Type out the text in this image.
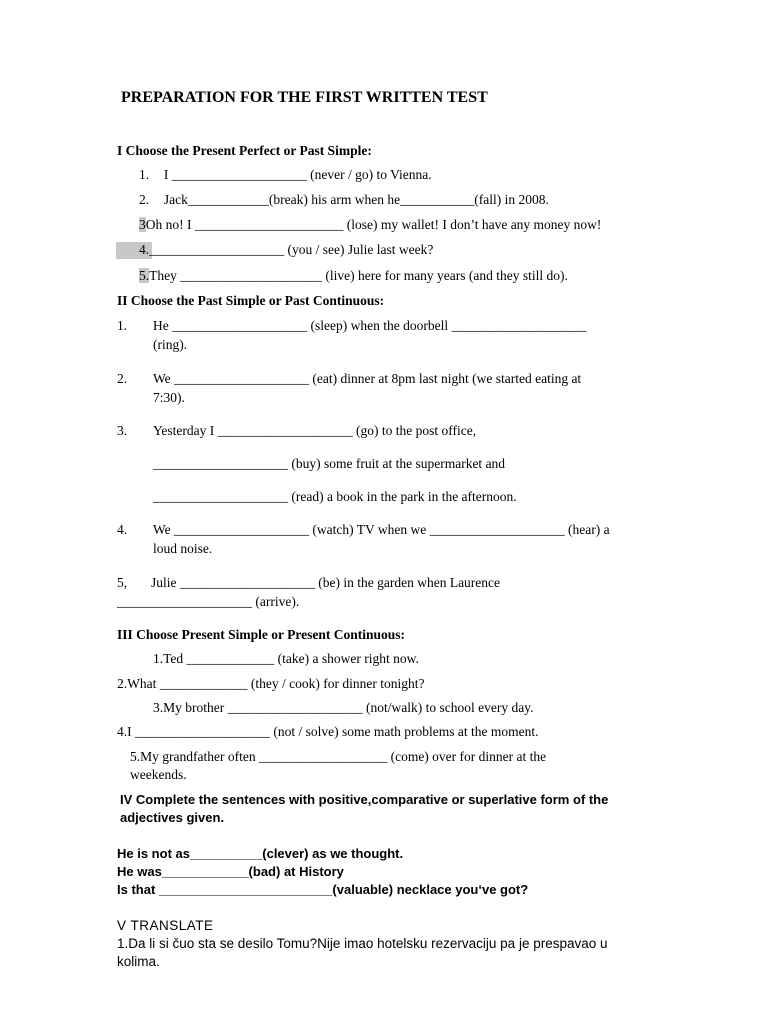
PREPARATION FOR THE FIRST WRITTEN TEST
I Choose the Present Perfect or Past Simple:
1. I ____________________ (never / go) to Vienna.
2. Jack____________(break) his arm when he___________(fall) in 2008.
3Oh no! I ______________________ (lose) my wallet! I don’t have any money now!
4.____________________ (you / see) Julie last week?
5.They _____________________ (live) here for many years (and they still do).
II Choose the Past Simple or Past Continuous:
1. He ____________________ (sleep) when the doorbell ____________________
(ring).
2. We ____________________ (eat) dinner at 8pm last night (we started eating at
7:30).
3. Yesterday I ____________________ (go) to the post office,
____________________ (buy) some fruit at the supermarket and
____________________ (read) a book in the park in the afternoon.
4. We ____________________ (watch) TV when we ____________________ (hear) a
loud noise.
5, Julie ____________________ (be) in the garden when Laurence
____________________ (arrive).
III Choose Present Simple or Present Continuous:
1.Ted _____________ (take) a shower right now.
2.What _____________ (they / cook) for dinner tonight?
3.My brother ____________________ (not/walk) to school every day.
4.I ____________________ (not / solve) some math problems at the moment.
5.My grandfather often ___________________ (come) over for dinner at the
weekends.
IV Complete the sentences with positive,comparative or superlative form of the
adjectives given.
He is not as__________(clever) as we thought.
He was____________(bad) at History
Is that ________________________(valuable) necklace you‘ve got?
V TRANSLATE
1.Da li si čuo sta se desilo Tomu?Nije imao hotelsku rezervaciju pa je prespavao u
kolima.
